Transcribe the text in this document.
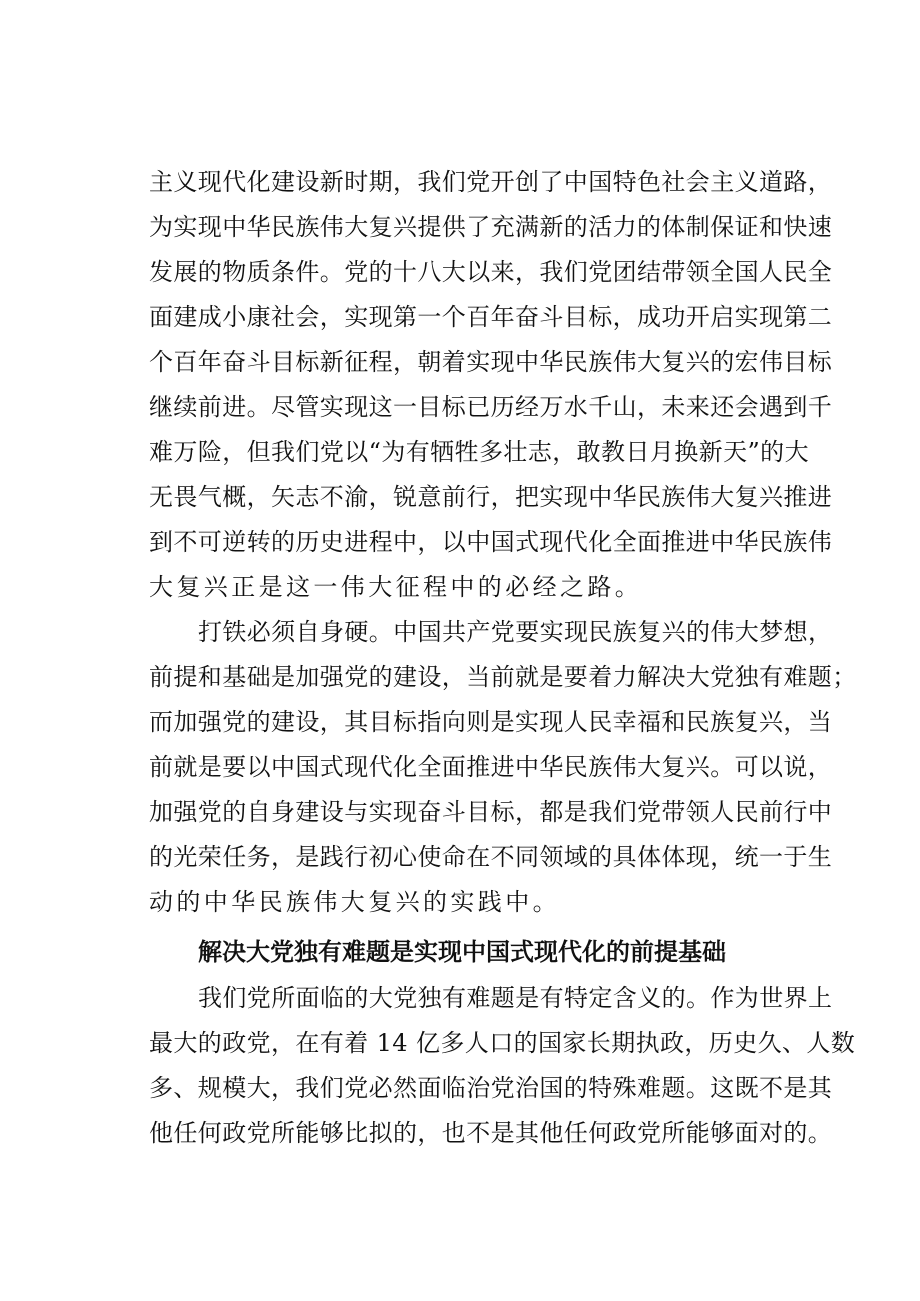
主义现代化建设新时期，我们党开创了中国特色社会主义道路，
为实现中华民族伟大复兴提供了充满新的活力的体制保证和快速
发展的物质条件。党的十八大以来，我们党团结带领全国人民全
面建成小康社会，实现第一个百年奋斗目标，成功开启实现第二
个百年奋斗目标新征程，朝着实现中华民族伟大复兴的宏伟目标
继续前进。尽管实现这一目标已历经万水千山，未来还会遇到千
难万险，但我们党以“为有牺牲多壮志，敢教日月换新天”的大
无畏气概，矢志不渝，锐意前行，把实现中华民族伟大复兴推进
到不可逆转的历史进程中，以中国式现代化全面推进中华民族伟
大复兴正是这一伟大征程中的必经之路。
打铁必须自身硬。中国共产党要实现民族复兴的伟大梦想，
前提和基础是加强党的建设，当前就是要着力解决大党独有难题；
而加强党的建设，其目标指向则是实现人民幸福和民族复兴，当
前就是要以中国式现代化全面推进中华民族伟大复兴。可以说，
加强党的自身建设与实现奋斗目标，都是我们党带领人民前行中
的光荣任务，是践行初心使命在不同领域的具体体现，统一于生
动的中华民族伟大复兴的实践中。
解决大党独有难题是实现中国式现代化的前提基础
我们党所面临的大党独有难题是有特定含义的。作为世界上
最大的政党，在有着 14 亿多人口的国家长期执政，历史久、人数
多、规模大，我们党必然面临治党治国的特殊难题。这既不是其
他任何政党所能够比拟的，也不是其他任何政党所能够面对的。
